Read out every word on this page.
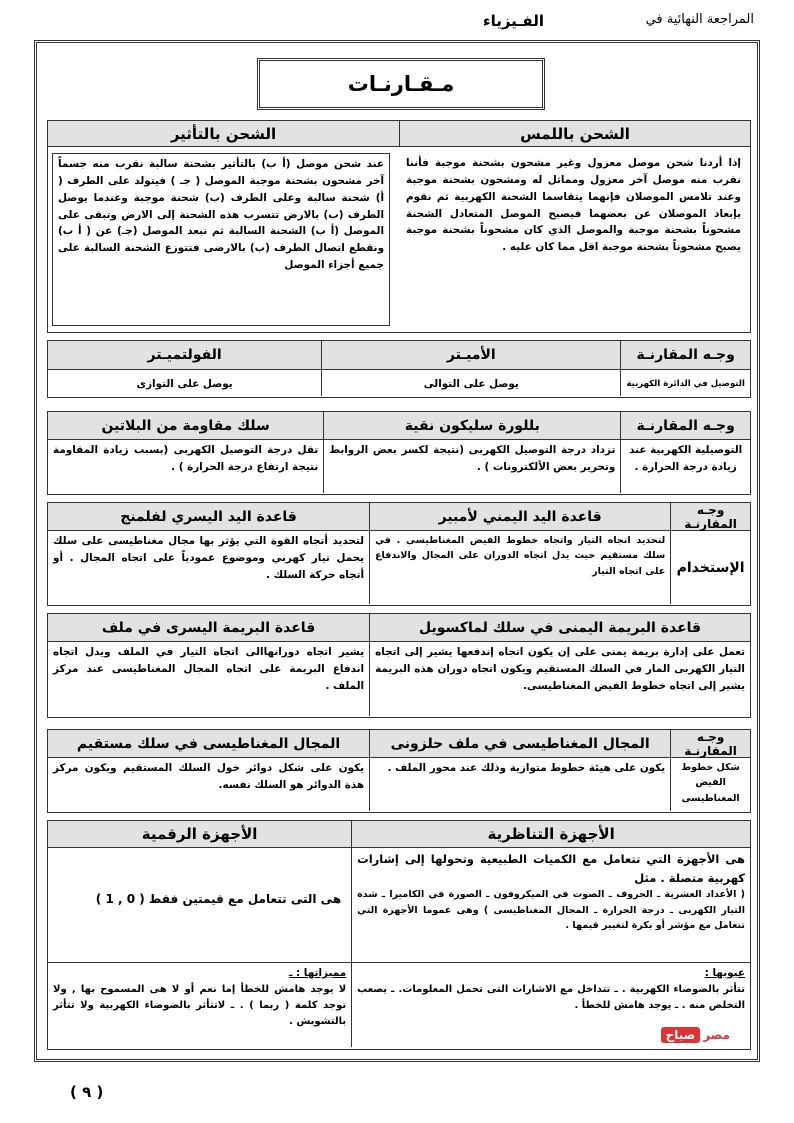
المراجعة النهائية في
الفـيزياء
مـقـارنـات
الشحن باللمس
الشحن بالتأثير
إذا أردنا شحن موصل معزول وغير مشحون بشحنة موجبة فأننا نقرب منه موصل آخر معزول ومماثل له ومشحون بشحنة موجبة وعند تلامس الموصلان فإنهما يتقاسما الشحنة الكهربية ثم نقوم بإبعاد الموصلان عن بعضهما فيصبح الموصل المتعادل الشحنة مشحوناً بشحنة موجبة والموصل الذي كان مشحوناً بشحنة موجبة يصبح مشحوناً بشحنة موجبة اقل مما كان عليه .
عند شحن موصل (أ ب) بالتأثير بشحنة سالبة نقرب منه جسماً آخر مشحون بشحنة موجبة الموصل ( جـ ) فيتولد على الطرف ( أ) شحنة سالبة وعلى الطرف (ب) شحنة موجبة وعندما يوصل الطرف (ب) بالارض تتسرب هذه الشحنة إلى الارض وتبقى على الموصل (أ ب) الشحنة السالبة ثم نبعد الموصل (جـ) عن ( أ ب) ونقطع اتصال الطرف (ب) بالارضى فتتوزع الشحنة السالبة على جميع أجزاء الموصل
وجـه المقارنـة
الأميـتر
الفولتميـتر
التوصيل في الدائرة الكهربية
يوصل على التوالى
يوصل على التوازى
وجـه المقارنـة
بللورة سليكون نقية
سلك مقاومة من البلاتين
التوصيلية الكهربية عند زيادة درجة الحرارة .
تزداد درجة التوصيل الكهربى (نتيجة لكسر بعض الروابط وتحرير بعض الألكترونات ) .
تقل درجة التوصيل الكهربى (بسبب زيادة المقاومة نتيجة ارتفاع درجة الحرارة ) .
وجـه المقارنـة
قاعدة اليد اليمني لأمبير
قاعدة اليد اليسري لفلمنج
الإستخدام
لتحديد اتجاه التيار واتجاه خطوط الفيض المغناطيسى . في سلك مستقيم حيث يدل اتجاه الدوران على المجال والاندفاع على اتجاه التيار
لتحديد أتجاه القوة التي يؤثر بها مجال مغناطيسى على سلك يحمل تيار كهربي وموضوع عمودياً على اتجاه المجال . أو أتجاه حركة السلك .
قاعدة البريمة اليمنى في سلك لماكسويل
قاعدة البريمة اليسرى في ملف
تعمل على إدارة بريمة يمنى على إن يكون اتجاه إندفعها يشير إلى اتجاه التيار الكهربى المار في السلك المستقيم ويكون اتجاه دوران هذه البريمة يشير إلى اتجاه خطوط الفيض المغناطيسى.
يشير اتجاه دورانهاالى اتجاه التيار في الملف ويدل اتجاه اندفاع البريمة على اتجاه المجال المغناطيسى عند مركز الملف .
وجـه المقارنـة
المجال المغناطيسى في ملف حلزونى
المجال المغناطيسى في سلك مستقيم
شكل خطوط الفيض المغناطيسى
يكون على هيئة خطوط متوازية وذلك عند محور الملف .
يكون على شكل دوائر خول السلك المستقيم ويكون مركز هذة الدوائر هو السلك نفسه.
الأجهزة التناظرية
الأجهزة الرقمية
هى الأجهزة التي تتعامل مع الكميات الطبيعية وتحولها إلى إشارات كهربية متصلة . مثل
( الأعداد العشرية ـ الحروف ـ الصوت في الميكروفون ـ الصورة في الكاميرا ـ شدة التيار الكهربى ـ درجة الحرارة ـ المجال المغناطيسى ) وهى عموما الأجهزة التي تتعامل مع مؤشر أو بكرة لتغيير قيمها .
هى التى تتعامل مع قيمتين فقط ( 0 , 1 )
عيوبها :
تتأثر بالضوضاء الكهربية . ـ تتداخل مع الاشارات التى تحمل المعلومات. ـ يصعب التخلص منه . ـ يوجد هامش للخطأ .
صباح مصر
مميزاتها : ـ
لا يوجد هامش للخطأ إما نعم أو لا هى المسموح بها , ولا توجد كلمة ( ربما ) . ـ لاتتأثر بالضوضاء الكهربية ولا تتأثر بالتشويش .
( ٩ )
